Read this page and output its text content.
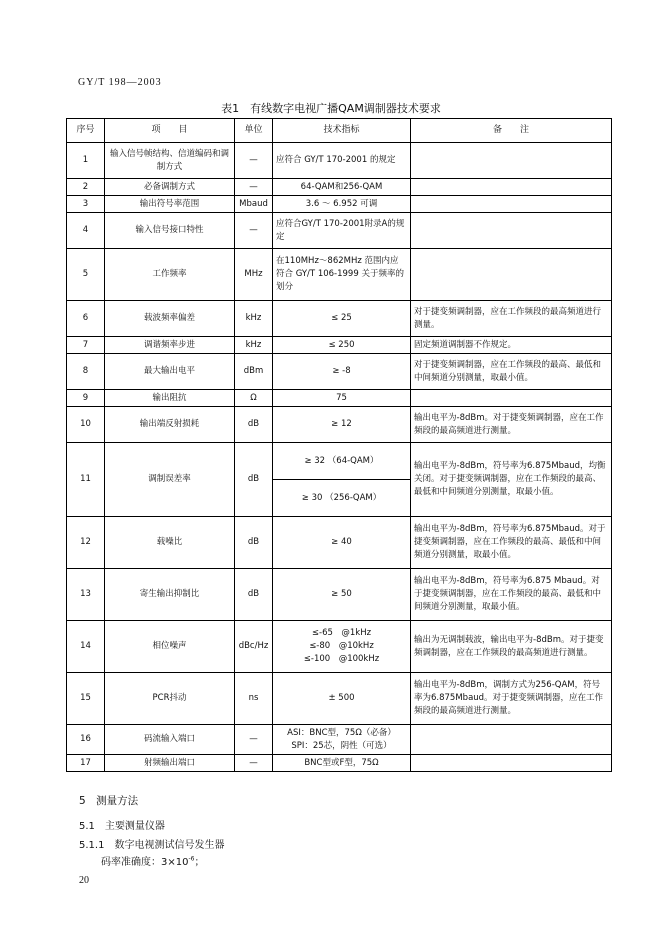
GY/T 198—2003
表1　有线数字电视广播QAM调制器技术要求
序号	项　　目	单位	技术指标	备　　注
1	输入信号帧结构、信道编码和调制方式	—	应符合 GY/T 170-2001 的规定	

2	必备调制方式	—	64-QAM和256-QAM	

3	输出符号率范围	Mbaud	3.6 ～ 6.952 可调	

4	输入信号接口特性	—	应符合GY/T 170-2001附录A的规定	

5	工作频率	MHz	在110MHz～862MHz 范围内应符合 GY/T 106-1999 关于频率的划分	

6	载波频率偏差	kHz	≤ 25	对于捷变频调制器，应在工作频段的最高频道进行测量。
7	调谐频率步进	kHz	≤ 250	固定频道调制器不作规定。
8	最大输出电平	dBm	≥ -8	对于捷变频调制器，应在工作频段的最高、最低和中间频道分别测量，取最小值。
9	输出阻抗	Ω	75	

10	输出端反射损耗	dB	≥ 12	输出电平为-8dBm。对于捷变频调制器，应在工作频段的最高频道进行测量。
11	调制误差率	dB	≥ 32 （64-QAM）	输出电平为-8dBm，符号率为6.875Mbaud，均衡关闭。对于捷变频调制器，应在工作频段的最高、最低和中间频道分别测量，取最小值。

			≥ 30 （256-QAM）	

12	载噪比	dB	≥ 40	输出电平为-8dBm，符号率为6.875Mbaud。对于捷变频调制器，应在工作频段的最高、最低和中间频道分别测量，取最小值。
13	寄生输出抑制比	dB	≥ 50	输出电平为-8dBm，符号率为6.875 Mbaud。对于捷变频调制器，应在工作频段的最高、最低和中间频道分别测量，取最小值。
14	相位噪声	dBc/Hz	≤-65　@1kHz
≤-80　@10kHz
≤-100　@100kHz	输出为无调制载波，输出电平为-8dBm。对于捷变频调制器，应在工作频段的最高频道进行测量。
15	PCR抖动	ns	± 500	输出电平为-8dBm，调制方式为256-QAM，符号率为6.875Mbaud。对于捷变频调制器，应在工作频段的最高频道进行测量。
16	码流输入端口	—	ASI：BNC型，75Ω（必备）
SPI：25芯，阴性（可选）	

17	射频输出端口	—	BNC型或F型，75Ω	

5　测量方法
5.1　主要测量仪器
5.1.1　数字电视测试信号发生器
码率准确度：$3\times 10^{-6}$；
20
